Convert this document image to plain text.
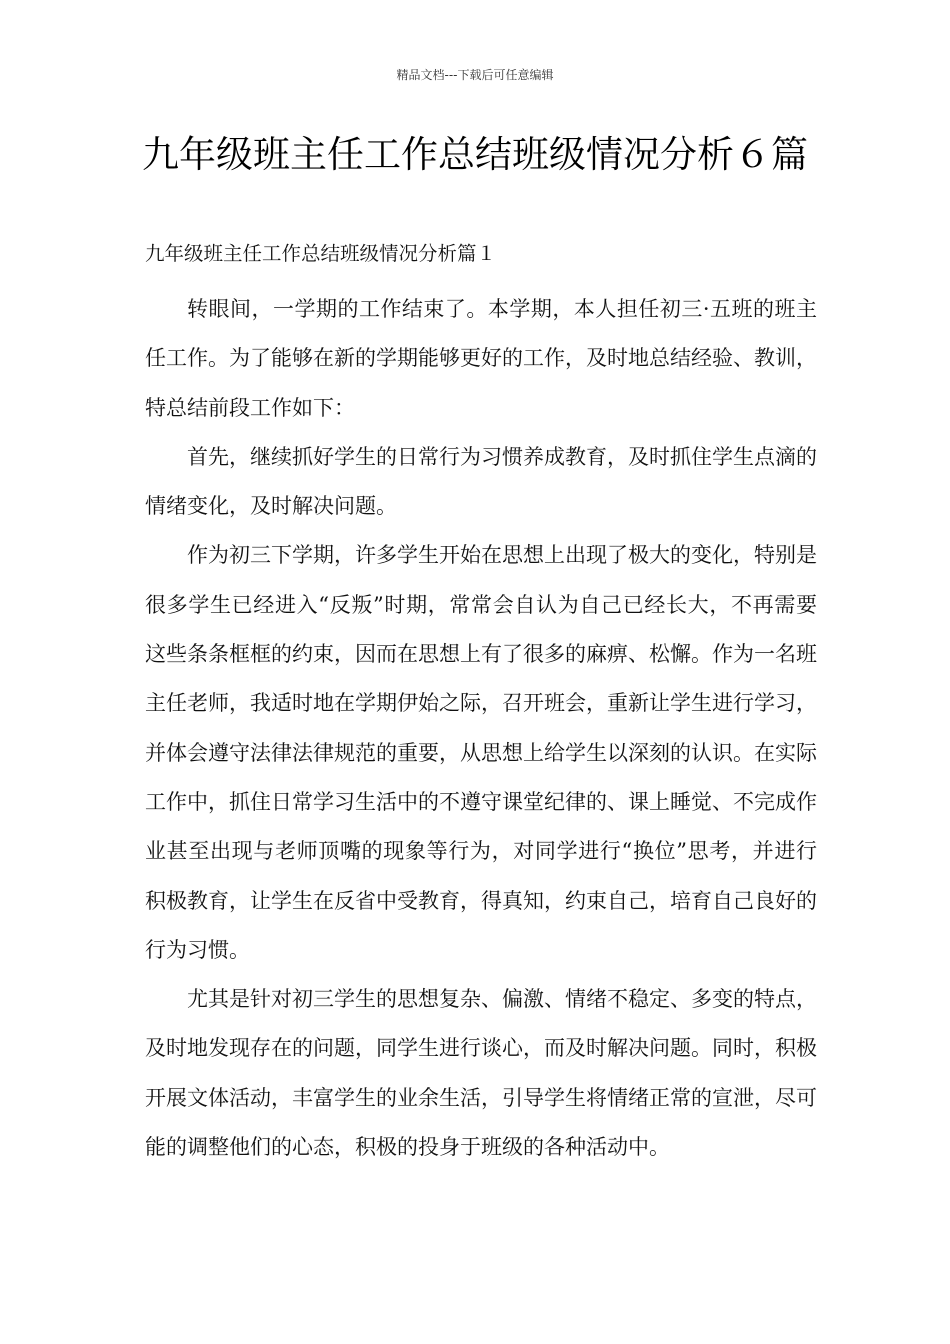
精品文档---下载后可任意编辑
九年级班主任工作总结班级情况分析６篇
九年级班主任工作总结班级情况分析篇１

转眼间，一学期的工作结束了。本学期，本人担任初三·五班的班主任工作。为了能够在新的学期能够更好的工作，及时地总结经验、教训，特总结前段工作如下：

首先，继续抓好学生的日常行为习惯养成教育，及时抓住学生点滴的情绪变化，及时解决问题。

作为初三下学期，许多学生开始在思想上出现了极大的变化，特别是很多学生已经进入“反叛”时期，常常会自认为自己已经长大，不再需要这些条条框框的约束，因而在思想上有了很多的麻痹、松懈。作为一名班主任老师，我适时地在学期伊始之际，召开班会，重新让学生进行学习，并体会遵守法律法律规范的重要，从思想上给学生以深刻的认识。在实际工作中，抓住日常学习生活中的不遵守课堂纪律的、课上睡觉、不完成作业甚至出现与老师顶嘴的现象等行为，对同学进行“换位”思考，并进行积极教育，让学生在反省中受教育，得真知，约束自己，培育自己良好的行为习惯。

尤其是针对初三学生的思想复杂、偏激、情绪不稳定、多变的特点，及时地发现存在的问题，同学生进行谈心，而及时解决问题。同时，积极开展文体活动，丰富学生的业余生活，引导学生将情绪正常的宣泄，尽可能的调整他们的心态，积极的投身于班级的各种活动中。
